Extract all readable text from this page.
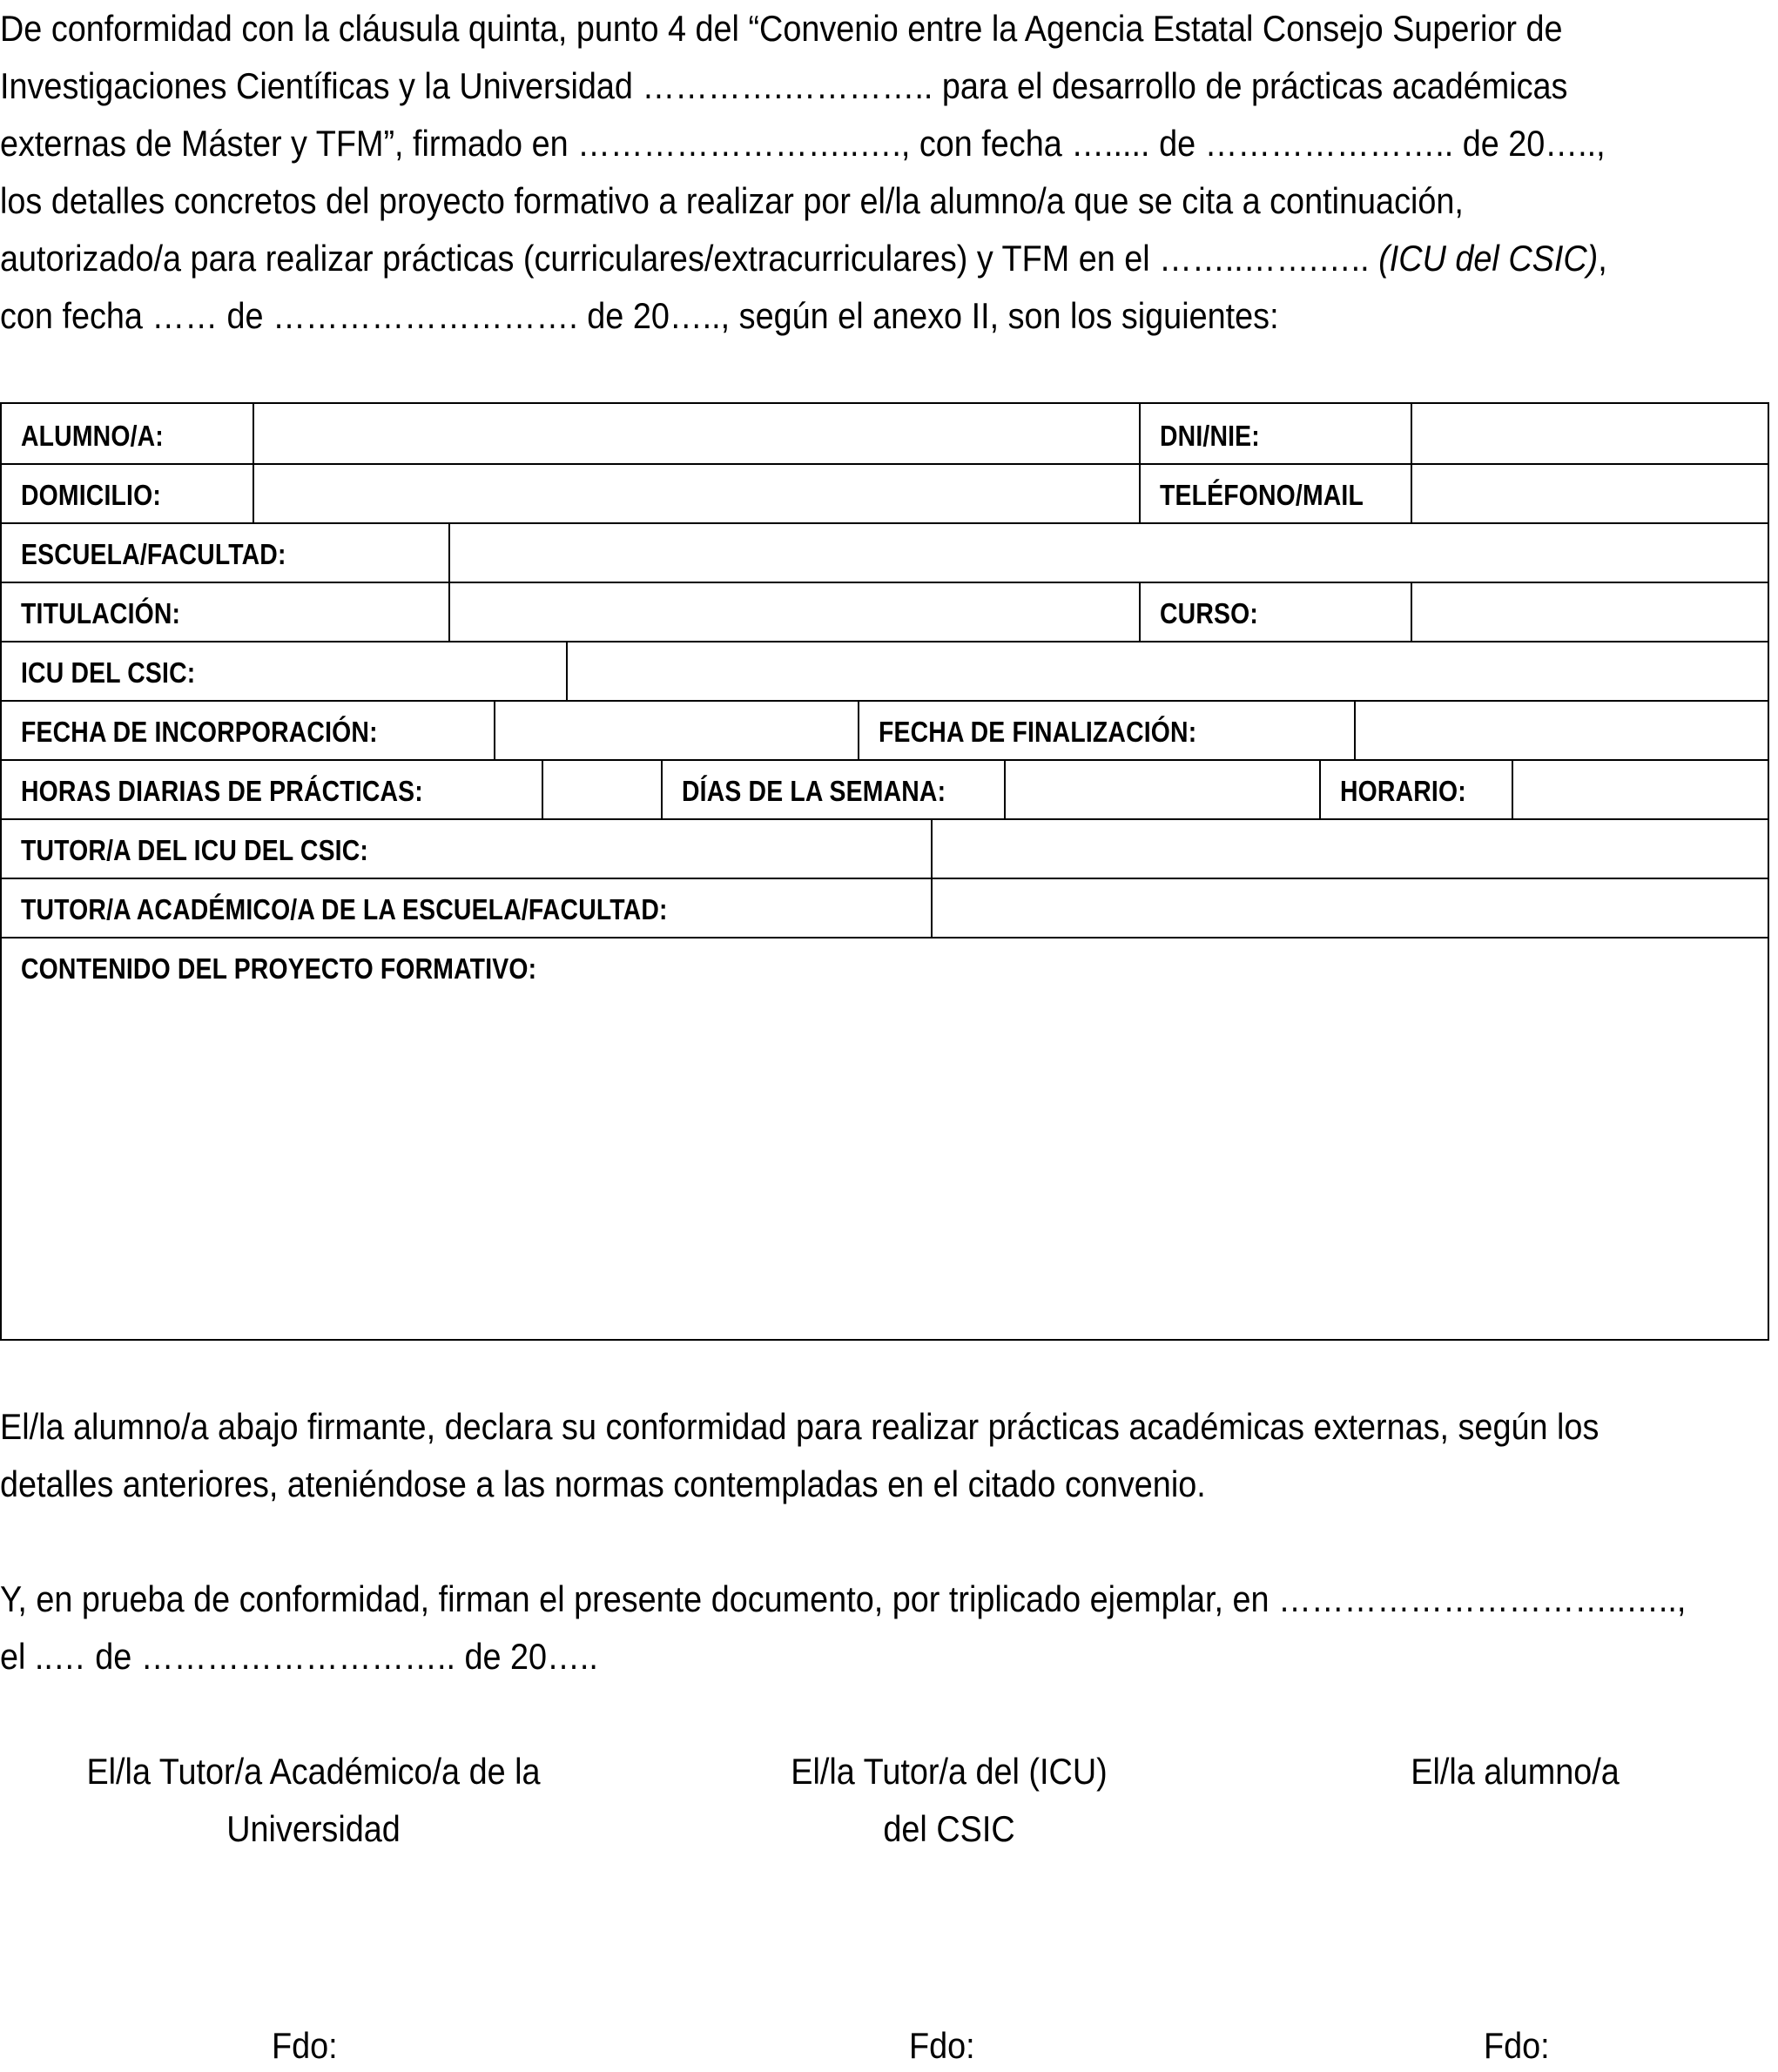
De conformidad con la cláusula quinta, punto 4 del “Convenio entre la Agencia Estatal Consejo Superior de

Investigaciones Científicas y la Universidad ………….………….. para el desarrollo de prácticas académicas

externas de Máster y TFM”, firmado en ……………………..…., con fecha …..... de ………………….. de 20…..,

los detalles concretos del proyecto formativo a realizar por el/la alumno/a que se cita a continuación,

autorizado/a para realizar prácticas (curriculares/extracurriculares) y TFM en el ……..…….….. (ICU del CSIC),

con fecha …… de ………………………. de 20….., según el anexo II, son los siguientes:

ALUMNO/A:	DNI/NIE:
DOMICILIO:	TELÉFONO/MAIL
ESCUELA/FACULTAD:
TITULACIÓN:	CURSO:
ICU DEL CSIC:
FECHA DE INCORPORACIÓN:	FECHA DE FINALIZACIÓN:
HORAS DIARIAS DE PRÁCTICAS:	DÍAS DE LA SEMANA:	HORARIO:
TUTOR/A DEL ICU DEL CSIC:
TUTOR/A ACADÉMICO/A DE LA ESCUELA/FACULTAD:
CONTENIDO DEL PROYECTO FORMATIVO:

El/la alumno/a abajo firmante, declara su conformidad para realizar prácticas académicas externas, según los

detalles anteriores, ateniéndose a las normas contempladas en el citado convenio.

Y, en prueba de conformidad, firman el presente documento, por triplicado ejemplar, en …………………………..…..,

el ..… de ……………………….. de 20…..

El/la Tutor/a Académico/a de la
Universidad
El/la Tutor/a del (ICU)
del CSIC
El/la alumno/a
Fdo:	Fdo:	Fdo:
